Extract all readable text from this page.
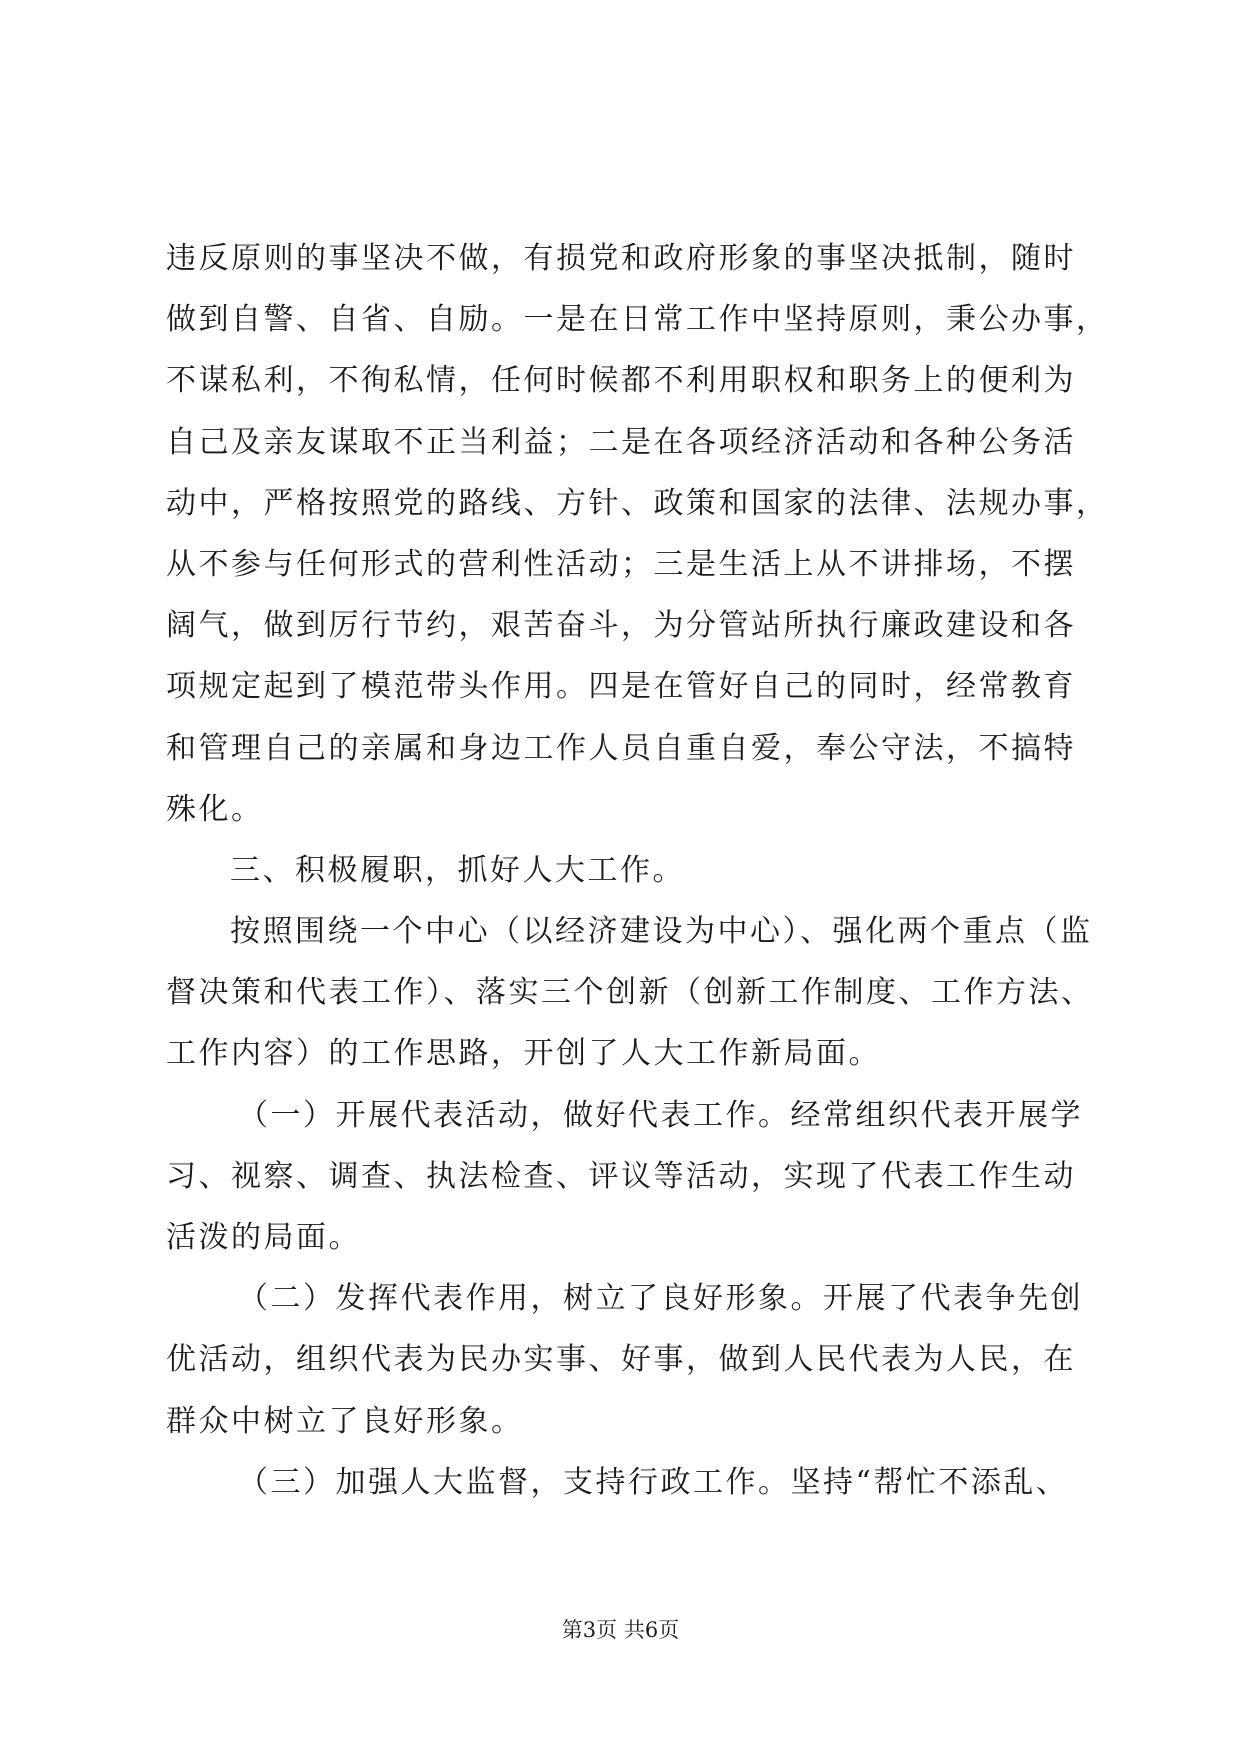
违反原则的事坚决不做，有损党和政府形象的事坚决抵制，随时
做到自警、自省、自励。一是在日常工作中坚持原则，秉公办事，
不谋私利，不徇私情，任何时候都不利用职权和职务上的便利为
自己及亲友谋取不正当利益；二是在各项经济活动和各种公务活
动中，严格按照党的路线、方针、政策和国家的法律、法规办事，
从不参与任何形式的营利性活动；三是生活上从不讲排场，不摆
阔气，做到厉行节约，艰苦奋斗，为分管站所执行廉政建设和各
项规定起到了模范带头作用。四是在管好自己的同时，经常教育
和管理自己的亲属和身边工作人员自重自爱，奉公守法，不搞特
殊化。
三、积极履职，抓好人大工作。
按照围绕一个中心（以经济建设为中心）、强化两个重点（监
督决策和代表工作）、落实三个创新（创新工作制度、工作方法、
工作内容）的工作思路，开创了人大工作新局面。
（一）开展代表活动，做好代表工作。经常组织代表开展学
习、视察、调查、执法检查、评议等活动，实现了代表工作生动
活泼的局面。
（二）发挥代表作用，树立了良好形象。开展了代表争先创
优活动，组织代表为民办实事、好事，做到人民代表为人民，在
群众中树立了良好形象。
（三）加强人大监督，支持行政工作。坚持“帮忙不添乱、
第3页 共6页
